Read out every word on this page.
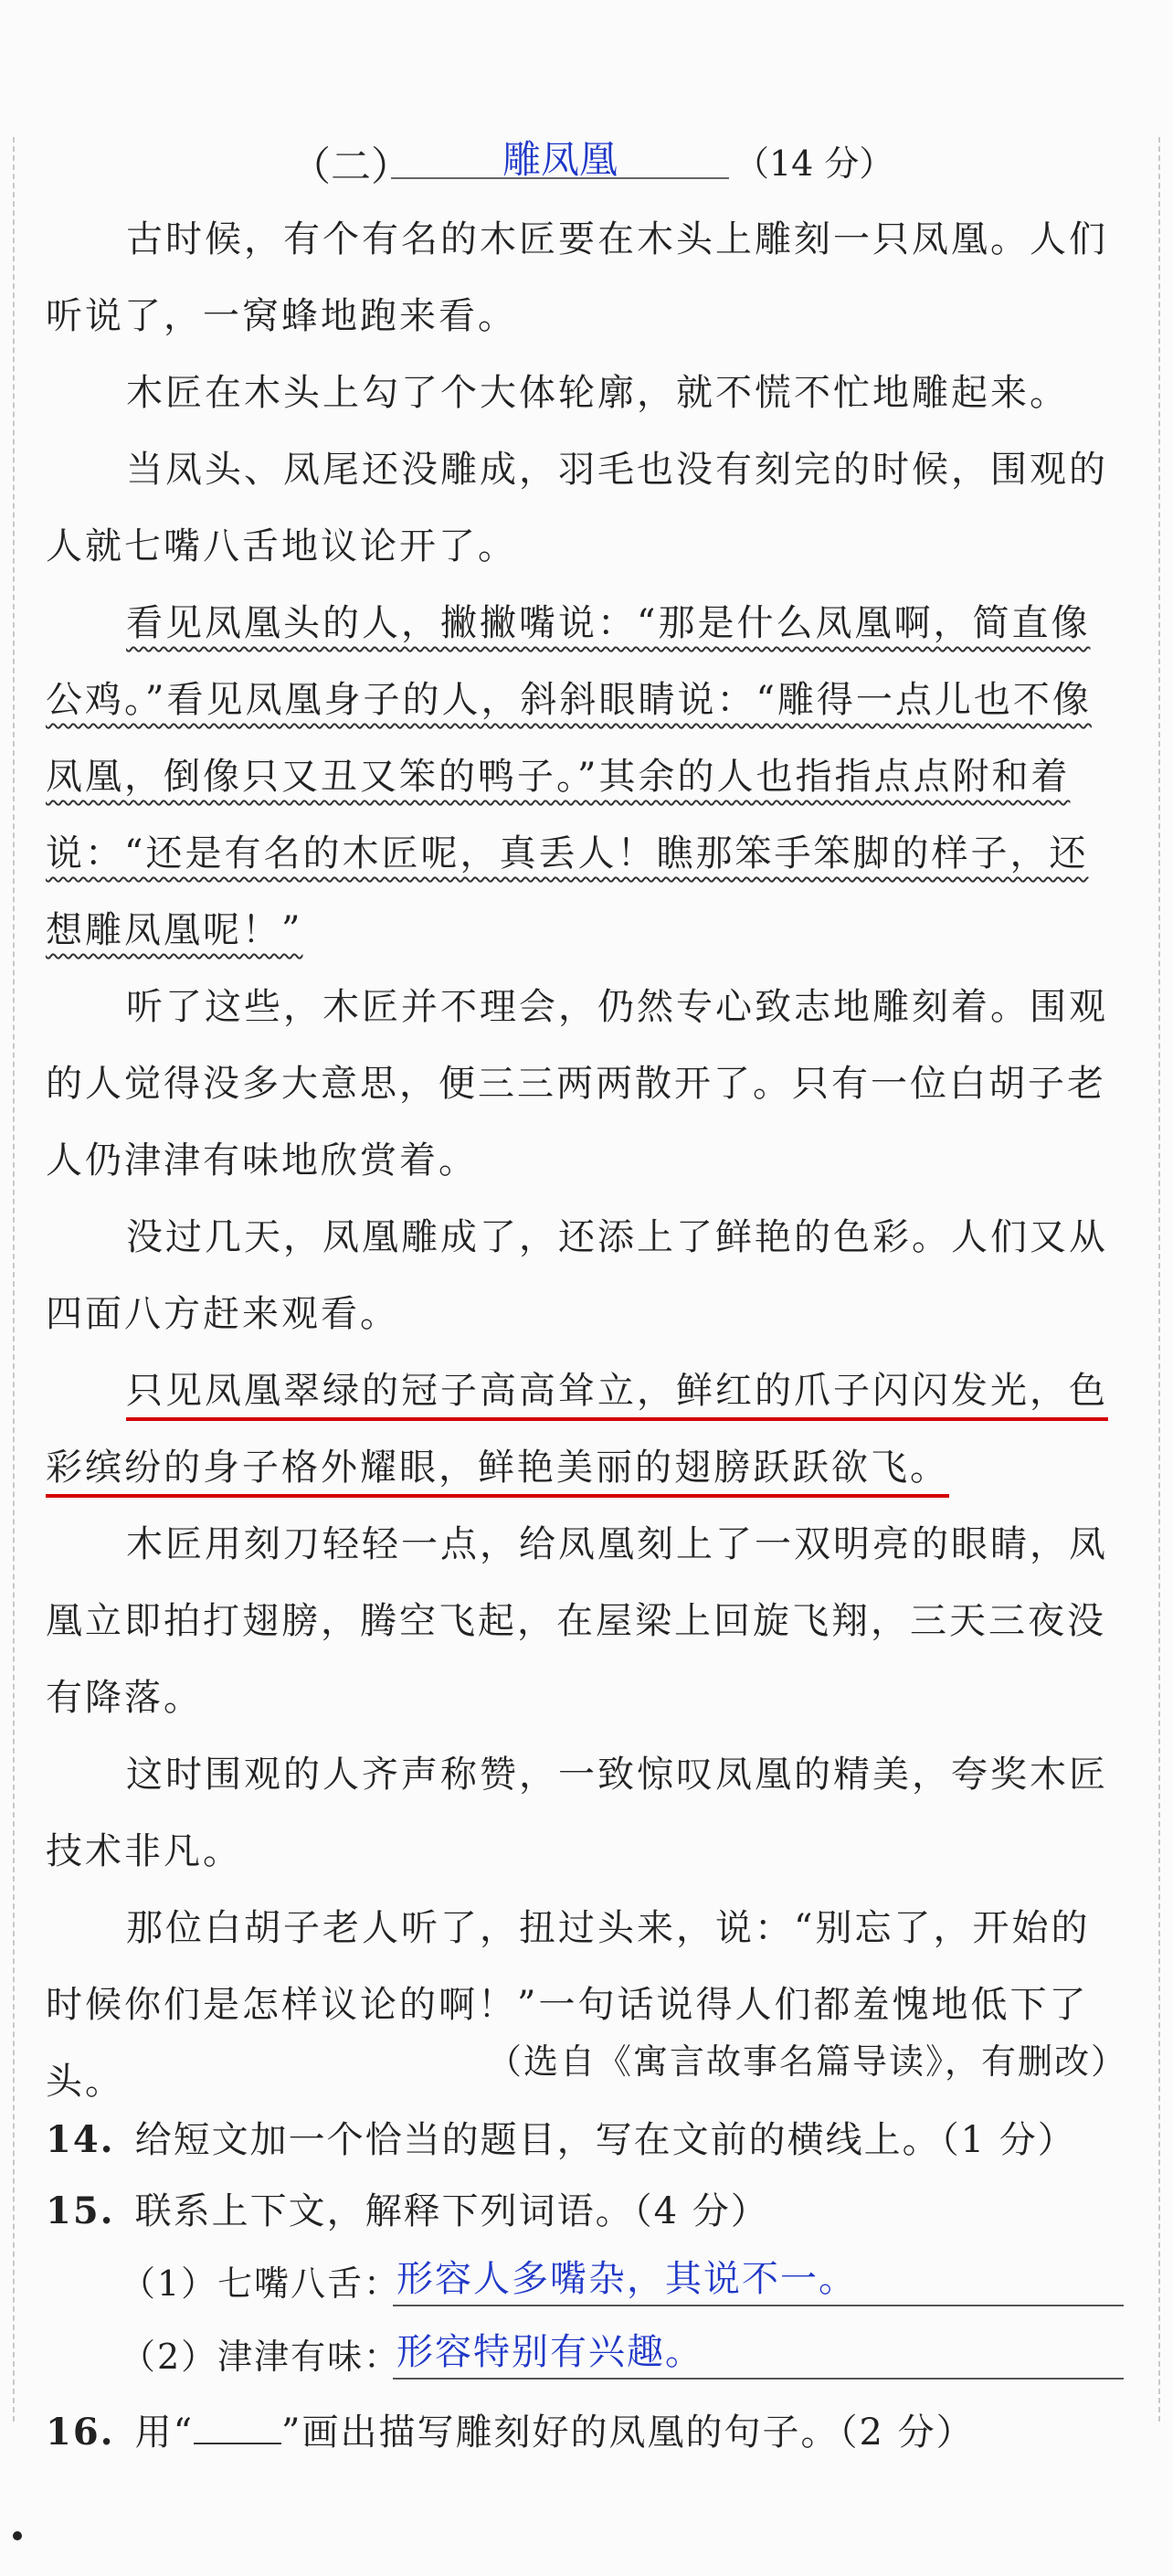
（二）	雕凤凰	（14 分）
古时候，有个有名的木匠要在木头上雕刻一只凤凰。人们听说了，一窝蜂地跑来看。
木匠在木头上勾了个大体轮廓，就不慌不忙地雕起来。
当凤头、凤尾还没雕成，羽毛也没有刻完的时候，围观的人就七嘴八舌地议论开了。
看见凤凰头的人，撇撇嘴说：“那是什么凤凰啊，简直像公鸡。”看见凤凰身子的人，斜斜眼睛说：“雕得一点儿也不像凤凰，倒像只又丑又笨的鸭子。”其余的人也指指点点附和着说：“还是有名的木匠呢，真丢人！瞧那笨手笨脚的样子，还想雕凤凰呢！”
听了这些，木匠并不理会，仍然专心致志地雕刻着。围观的人觉得没多大意思，便三三两两散开了。只有一位白胡子老人仍津津有味地欣赏着。
没过几天，凤凰雕成了，还添上了鲜艳的色彩。人们又从四面八方赶来观看。
只见凤凰翠绿的冠子高高耸立，鲜红的爪子闪闪发光，色彩缤纷的身子格外耀眼，鲜艳美丽的翅膀跃跃欲飞。
木匠用刻刀轻轻一点，给凤凰刻上了一双明亮的眼睛，凤凰立即拍打翅膀，腾空飞起，在屋梁上回旋飞翔，三天三夜没有降落。
这时围观的人齐声称赞，一致惊叹凤凰的精美，夸奖木匠技术非凡。
那位白胡子老人听了，扭过头来，说：“别忘了，开始的时候你们是怎样议论的啊！”一句话说得人们都羞愧地低下了头。	（选自《寓言故事名篇导读》，有删改）
14. 给短文加一个恰当的题目，写在文前的横线上。（1 分）
15. 联系上下文，解释下列词语。（4 分）
（1）七嘴八舌：
形容人多嘴杂，其说不一。
（2）津津有味：
形容特别有兴趣。
16. 用“ ”画出描写雕刻好的凤凰的句子。（2 分）
